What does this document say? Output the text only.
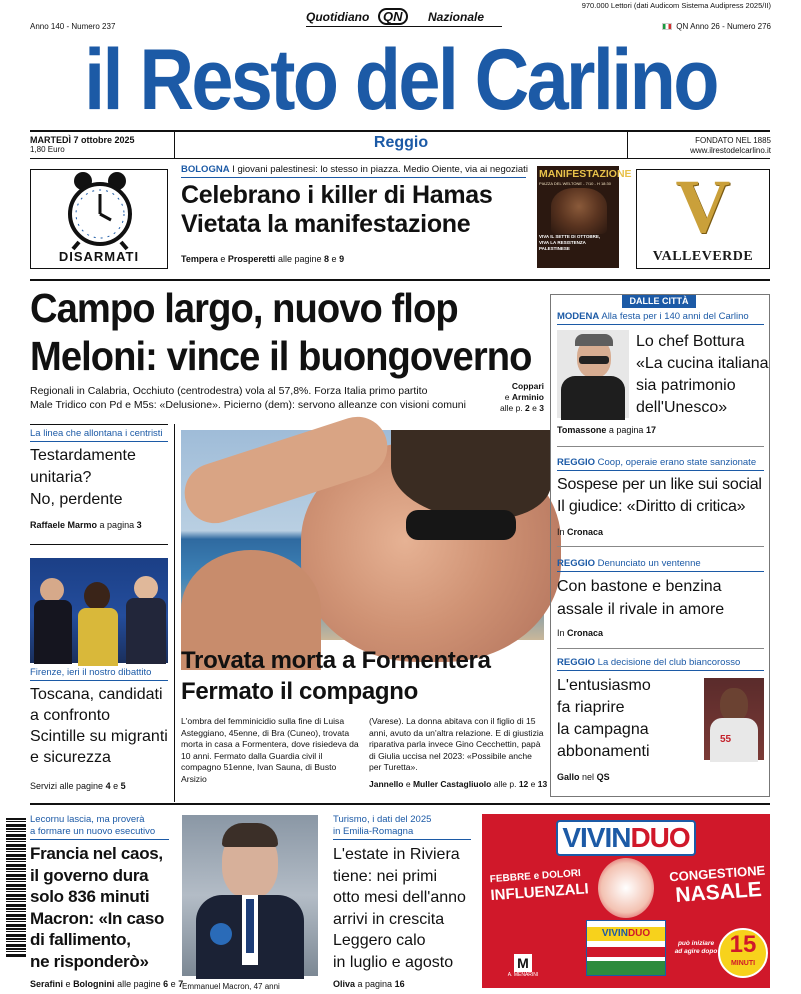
970.000 Lettori (dati Audicom Sistema Audipress 2025/II)
Anno 140 - Numero 237
Quotidiano	QN	Nazionale
QN Anno 26 - Numero 276
il Resto del Carlino
MARTEDÌ 7 ottobre 2025
1,80 Euro	Reggio	FONDATO NEL 1885
www.ilrestodelcarlino.it
DISARMATI
BOLOGNA I giovani palestinesi: lo stesso in piazza. Medio Oiente, via ai negoziati
Celebrano i killer di Hamas
Vietata la manifestazione
Tempera e Prosperetti alle pagine 8 e 9
MANIFESTAZIONE
PIAZZA DEL WELTONE - 7/10 - H 18:30
VIVA IL SETTE DI OTTOBRE,
VIVA LA RESISTENZA
PALESTINESE	V
VALLEVERDE
Campo largo, nuovo flop
Meloni: vince il buongoverno
Regionali in Calabria, Occhiuto (centrodestra) vola al 57,8%. Forza Italia primo partito
Male Tridico con Pd e M5s: «Delusione». Picierno (dem): servono alleanze con visioni comuni
Coppari
e Arminio
alle p. 2 e 3
La linea che allontana i centristi
Testardamente
unitaria?
No, perdente
Raffaele Marmo a pagina 3
Firenze, ieri il nostro dibattito
Toscana, candidati
a confronto
Scintille su migranti
e sicurezza
Servizi alle pagine 4 e 5
Trovata morta a Formentera
Fermato il compagno
L'ombra del femminicidio sulla fine di Luisa Asteggiano, 45enne, di Bra (Cuneo), trovata morta in casa a Formentera, dove risiedeva da 10 anni. Fermato dalla Guardia civil il compagno 51enne, Ivan Sauna, di Busto Arsizio
(Varese). La donna abitava con il figlio di 15 anni, avuto da un'altra relazione. E di giustizia riparativa parla invece Gino Cecchettin, papà di Giulia uccisa nel 2023: «Possibile anche per Turetta».
Jannello e Muller Castagliuolo alle p. 12 e 13
DALLE CITTÀ
MODENA Alla festa per i 140 anni del Carlino
Lo chef Bottura
«La cucina italiana
sia patrimonio
dell'Unesco»
Tomassone a pagina 17
REGGIO Coop, operaie erano state sanzionate
Sospese per un like sui social
Il giudice: «Diritto di critica»
In Cronaca
REGGIO Denunciato un ventenne
Con bastone e benzina
assale il rivale in amore
In Cronaca
REGGIO La decisione del club biancorosso
L'entusiasmo
fa riaprire
la campagna
abbonamenti
55
Gallo nel QS
Lecornu lascia, ma proverà
a formare un nuovo esecutivo
Francia nel caos,
il governo dura
solo 836 minuti
Macron: «In caso
di fallimento,
ne risponderò»
Serafini e Bolognini alle pagine 6 e 7
Emmanuel Macron, 47 anni
Turismo, i dati del 2025
in Emilia-Romagna
L'estate in Riviera
tiene: nei primi
otto mesi dell'anno
arrivi in crescita
Leggero calo
in luglio e agosto
Oliva a pagina 16
VIVINDUO
FEBBRE e DOLORI
INFLUENZALI
CONGESTIONE
NASALE
VIVINDUO
M
A. MENARINI
15
MINUTI
può iniziare ad agire dopo
